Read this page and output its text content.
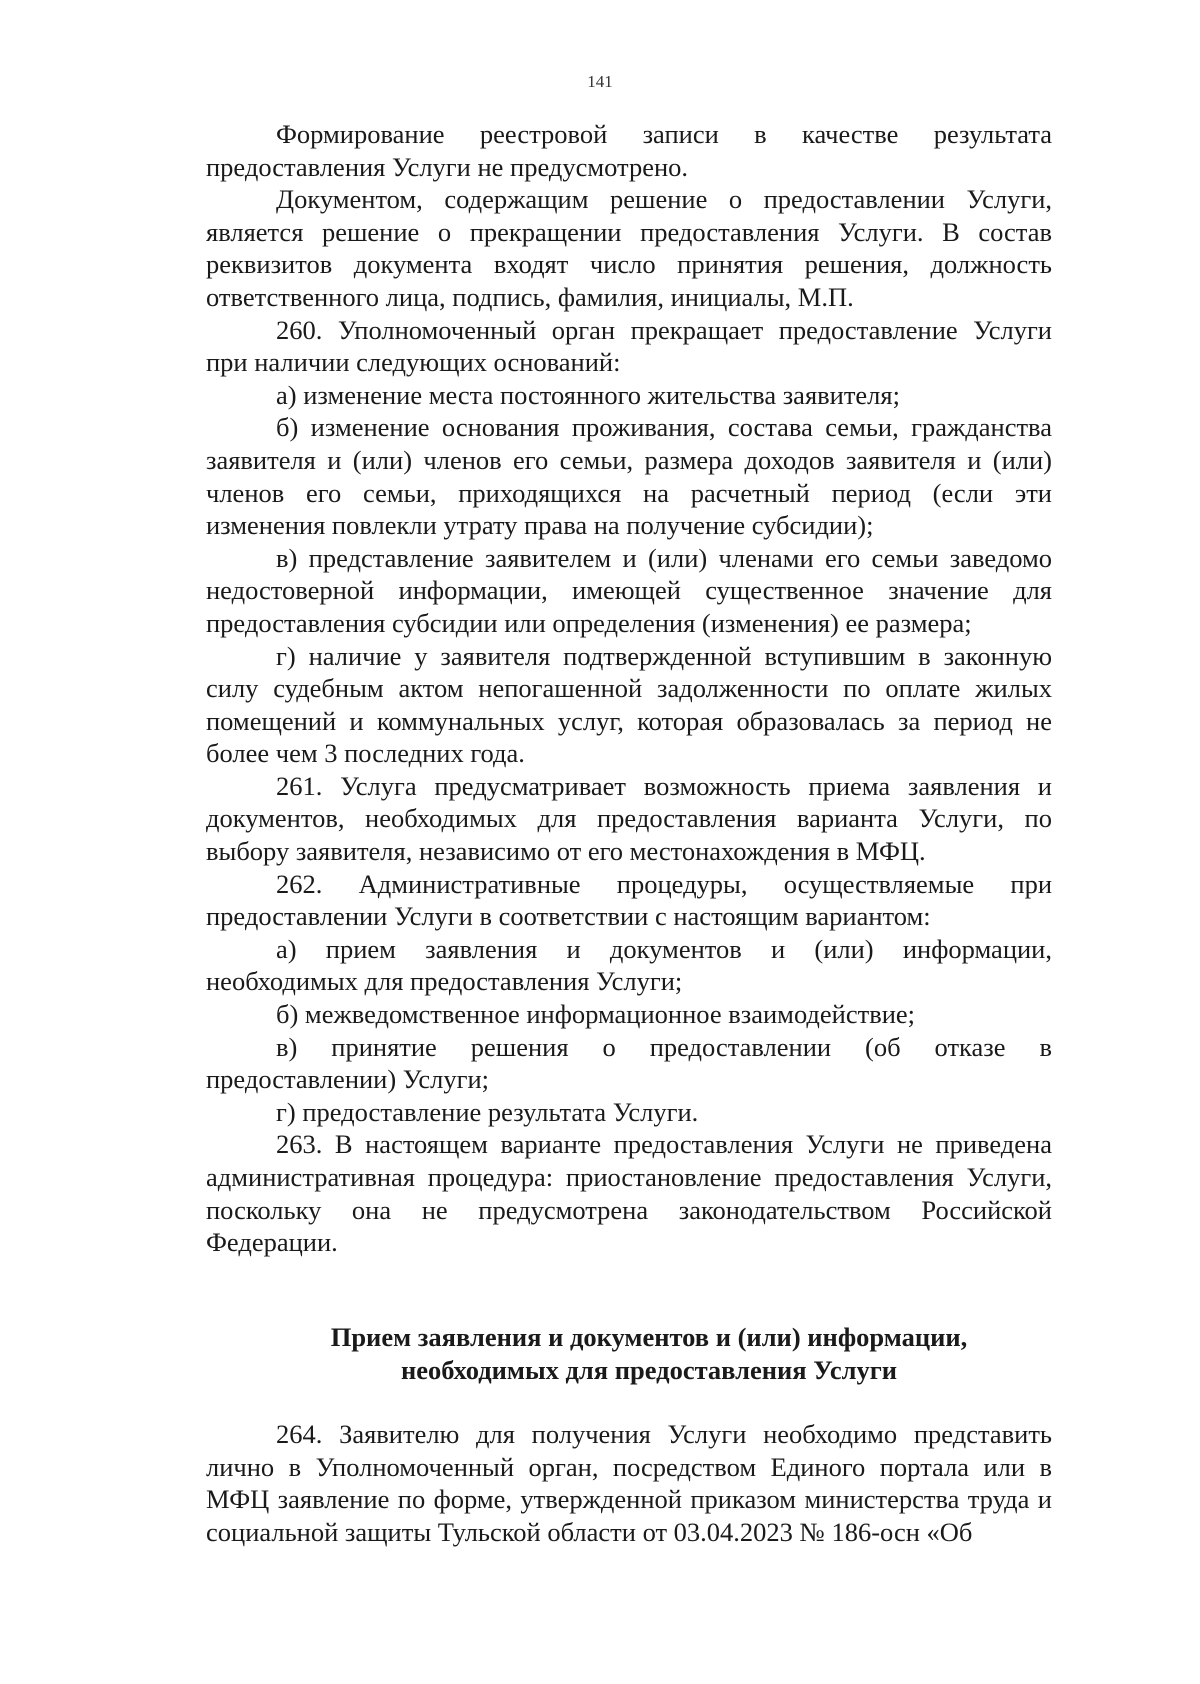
141

Формирование реестровой записи в качестве результата предоставления Услуги не предусмотрено.

Документом, содержащим решение о предоставлении Услуги, является решение о прекращении предоставления Услуги. В состав реквизитов документа входят число принятия решения, должность ответственного лица, подпись, фамилия, инициалы, М.П.

260. Уполномоченный орган прекращает предоставление Услуги при наличии следующих оснований:

а) изменение места постоянного жительства заявителя;

б) изменение основания проживания, состава семьи, гражданства заявителя и (или) членов его семьи, размера доходов заявителя и (или) членов его семьи, приходящихся на расчетный период (если эти изменения повлекли утрату права на получение субсидии);

в) представление заявителем и (или) членами его семьи заведомо недостоверной информации, имеющей существенное значение для предоставления субсидии или определения (изменения) ее размера;

г) наличие у заявителя подтвержденной вступившим в законную силу судебным актом непогашенной задолженности по оплате жилых помещений и коммунальных услуг, которая образовалась за период не более чем 3 последних года.

261. Услуга предусматривает возможность приема заявления и документов, необходимых для предоставления варианта Услуги, по выбору заявителя, независимо от его местонахождения в МФЦ.

262. Административные процедуры, осуществляемые при предоставлении Услуги в соответствии с настоящим вариантом:

а) прием заявления и документов и (или) информации, необходимых для предоставления Услуги;

б) межведомственное информационное взаимодействие;

в) принятие решения о предоставлении (об отказе в предоставлении) Услуги;

г) предоставление результата Услуги.

263. В настоящем варианте предоставления Услуги не приведена административная процедура: приостановление предоставления Услуги, поскольку она не предусмотрена законодательством Российской Федерации.

Прием заявления и документов и (или) информации,
необходимых для предоставления Услуги

264. Заявителю для получения Услуги необходимо представить лично в Уполномоченный орган, посредством Единого портала или в МФЦ заявление по форме, утвержденной приказом министерства труда и социальной защиты Тульской области от 03.04.2023 № 186-осн «Об
